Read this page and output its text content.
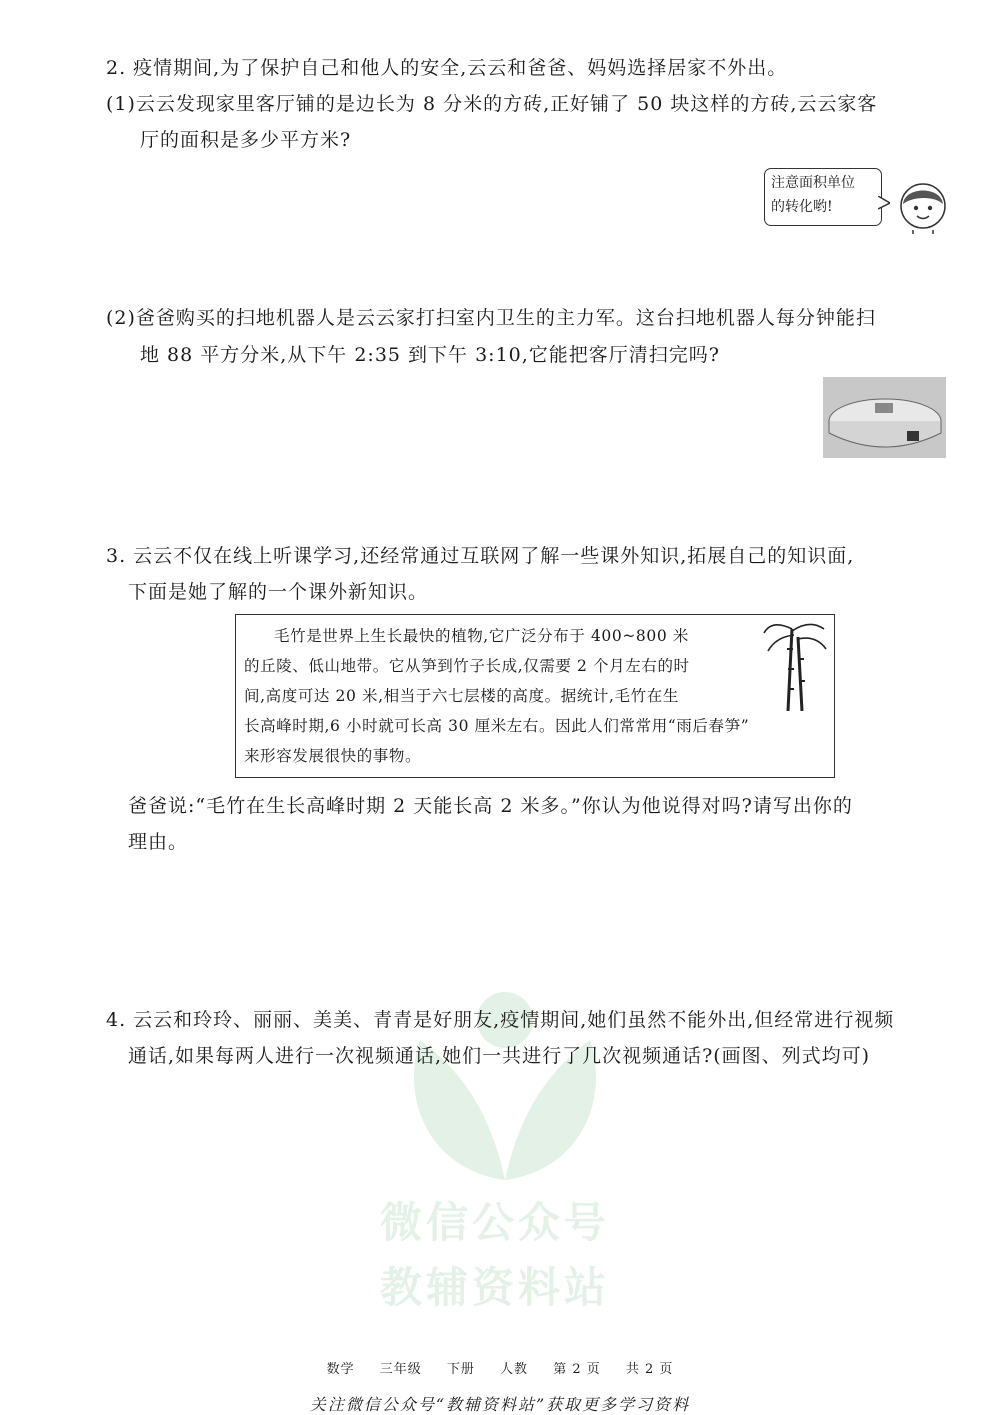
微信公众号
教辅资料站
2. 疫情期间,为了保护自己和他人的安全,云云和爸爸、妈妈选择居家不外出。
(1)云云发现家里客厅铺的是边长为 8 分米的方砖,正好铺了 50 块这样的方砖,云云家客
厅的面积是多少平方米?
注意面积单位
的转化哟!
(2)爸爸购买的扫地机器人是云云家打扫室内卫生的主力军。这台扫地机器人每分钟能扫
地 88 平方分米,从下午 2:35 到下午 3:10,它能把客厅清扫完吗?
3. 云云不仅在线上听课学习,还经常通过互联网了解一些课外知识,拓展自己的知识面,
下面是她了解的一个课外新知识。
毛竹是世界上生长最快的植物,它广泛分布于 400~800 米
的丘陵、低山地带。它从笋到竹子长成,仅需要 2 个月左右的时
间,高度可达 20 米,相当于六七层楼的高度。据统计,毛竹在生
长高峰时期,6 小时就可长高 30 厘米左右。因此人们常常用“雨后春笋”
来形容发展很快的事物。
爸爸说:“毛竹在生长高峰时期 2 天能长高 2 米多。”你认为他说得对吗?请写出你的
理由。
4. 云云和玲玲、丽丽、美美、青青是好朋友,疫情期间,她们虽然不能外出,但经常进行视频
通话,如果每两人进行一次视频通话,她们一共进行了几次视频通话?(画图、列式均可)
数学 三年级 下册 人教 第 2 页 共 2 页
关注微信公众号“教辅资料站”获取更多学习资料
